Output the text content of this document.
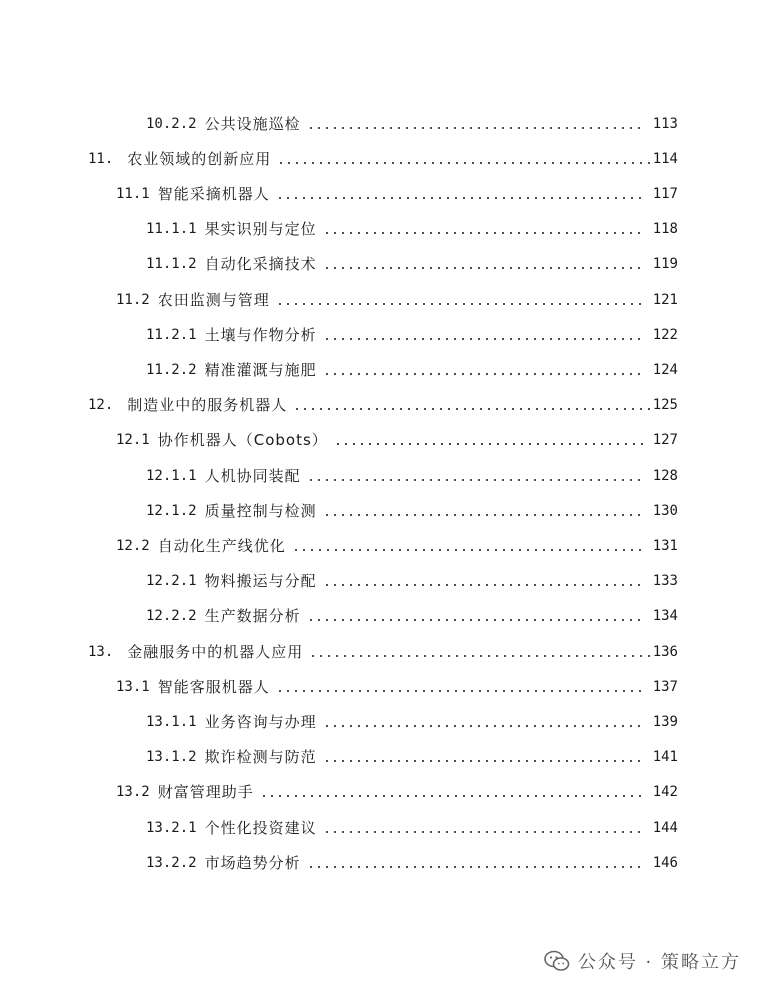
10.2.2 公共设施巡检	113
11. 农业领域的创新应用	114
11.1 智能采摘机器人	117
11.1.1 果实识别与定位	118
11.1.2 自动化采摘技术	119
11.2 农田监测与管理	121
11.2.1 土壤与作物分析	122
11.2.2 精准灌溉与施肥	124
12. 制造业中的服务机器人	125
12.1 协作机器人（Cobots）	127
12.1.1 人机协同装配	128
12.1.2 质量控制与检测	130
12.2 自动化生产线优化	131
12.2.1 物料搬运与分配	133
12.2.2 生产数据分析	134
13. 金融服务中的机器人应用	136
13.1 智能客服机器人	137
13.1.1 业务咨询与办理	139
13.1.2 欺诈检测与防范	141
13.2 财富管理助手	142
13.2.1 个性化投资建议	144
13.2.2 市场趋势分析	146
公众号 · 策略立方
